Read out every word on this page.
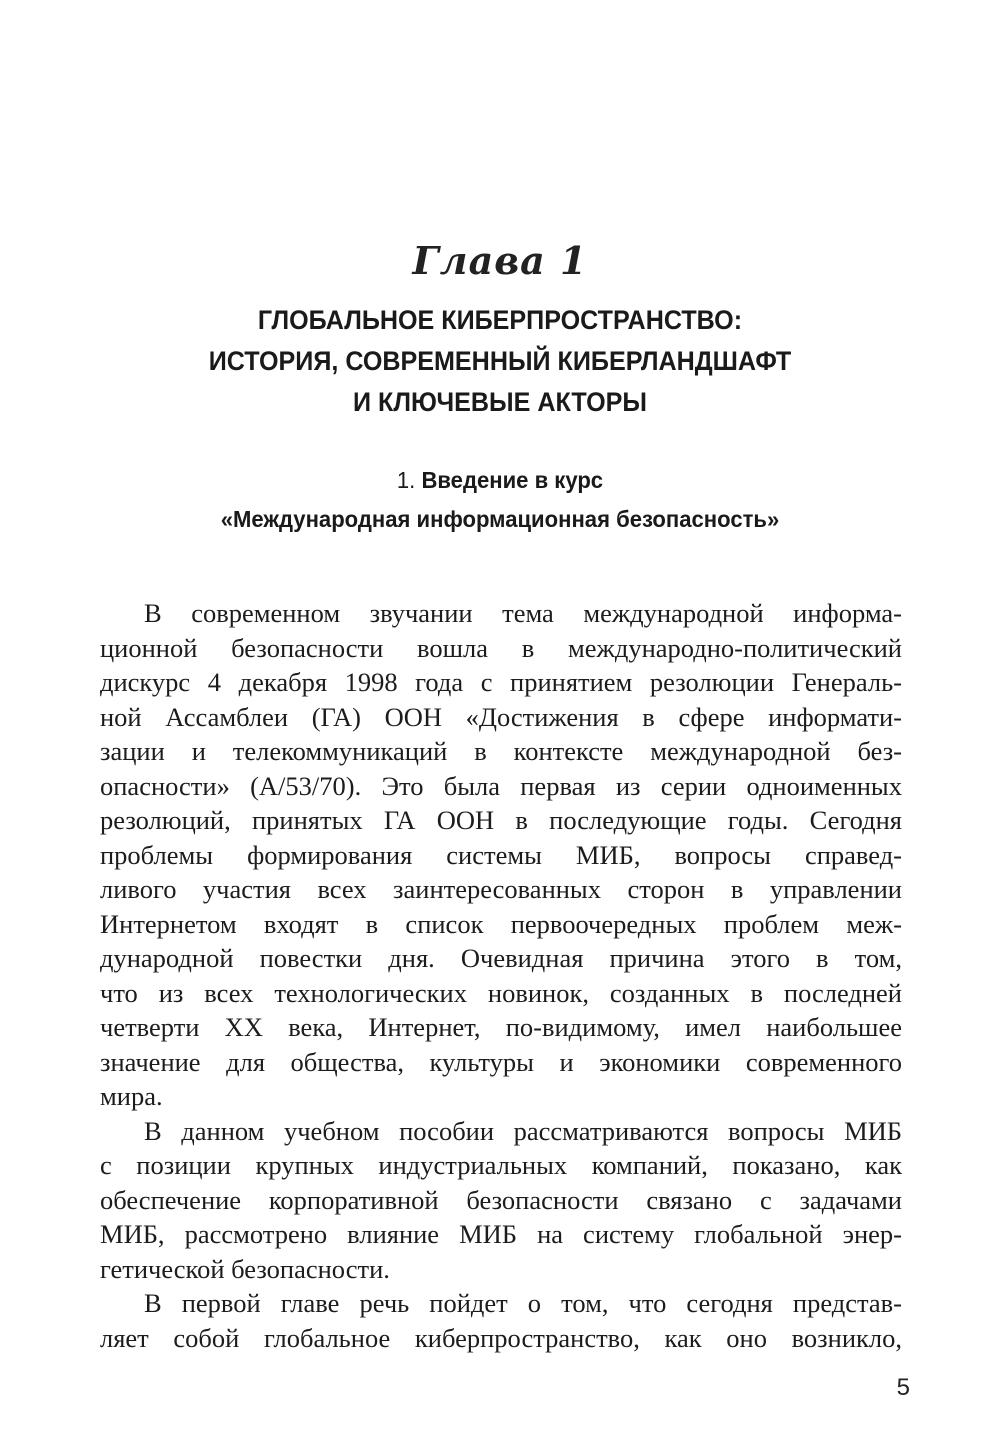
Глава 1
ГЛОБАЛЬНОЕ КИБЕРПРОСТРАНСТВО:
ИСТОРИЯ, СОВРЕМЕННЫЙ КИБЕРЛАНДШАФТ
И КЛЮЧЕВЫЕ АКТОРЫ
1. Введение в курс
«Международная информационная безопасность»
В современном звучании тема международной информа-
ционной безопасности вошла в международно-политический
дискурс 4 декабря 1998 года с принятием резолюции Генераль-
ной Ассамблеи (ГА) ООН «Достижения в сфере информати-
зации и телекоммуникаций в контексте международной без-
опасности» (A/53/70). Это была первая из серии одноименных
резолюций, принятых ГА ООН в последующие годы. Сегодня
проблемы формирования системы МИБ, вопросы справед-
ливого участия всех заинтересованных сторон в управлении
Интернетом входят в список первоочередных проблем меж-
дународной повестки дня. Очевидная причина этого в том,
что из всех технологических новинок, созданных в последней
четверти XX века, Интернет, по-видимому, имел наибольшее
значение для общества, культуры и экономики современного
мира.
В данном учебном пособии рассматриваются вопросы МИБ
с позиции крупных индустриальных компаний, показано, как
обеспечение корпоративной безопасности связано с задачами
МИБ, рассмотрено влияние МИБ на систему глобальной энер-
гетической безопасности.
В первой главе речь пойдет о том, что сегодня представ-
ляет собой глобальное киберпространство, как оно возникло,
5
